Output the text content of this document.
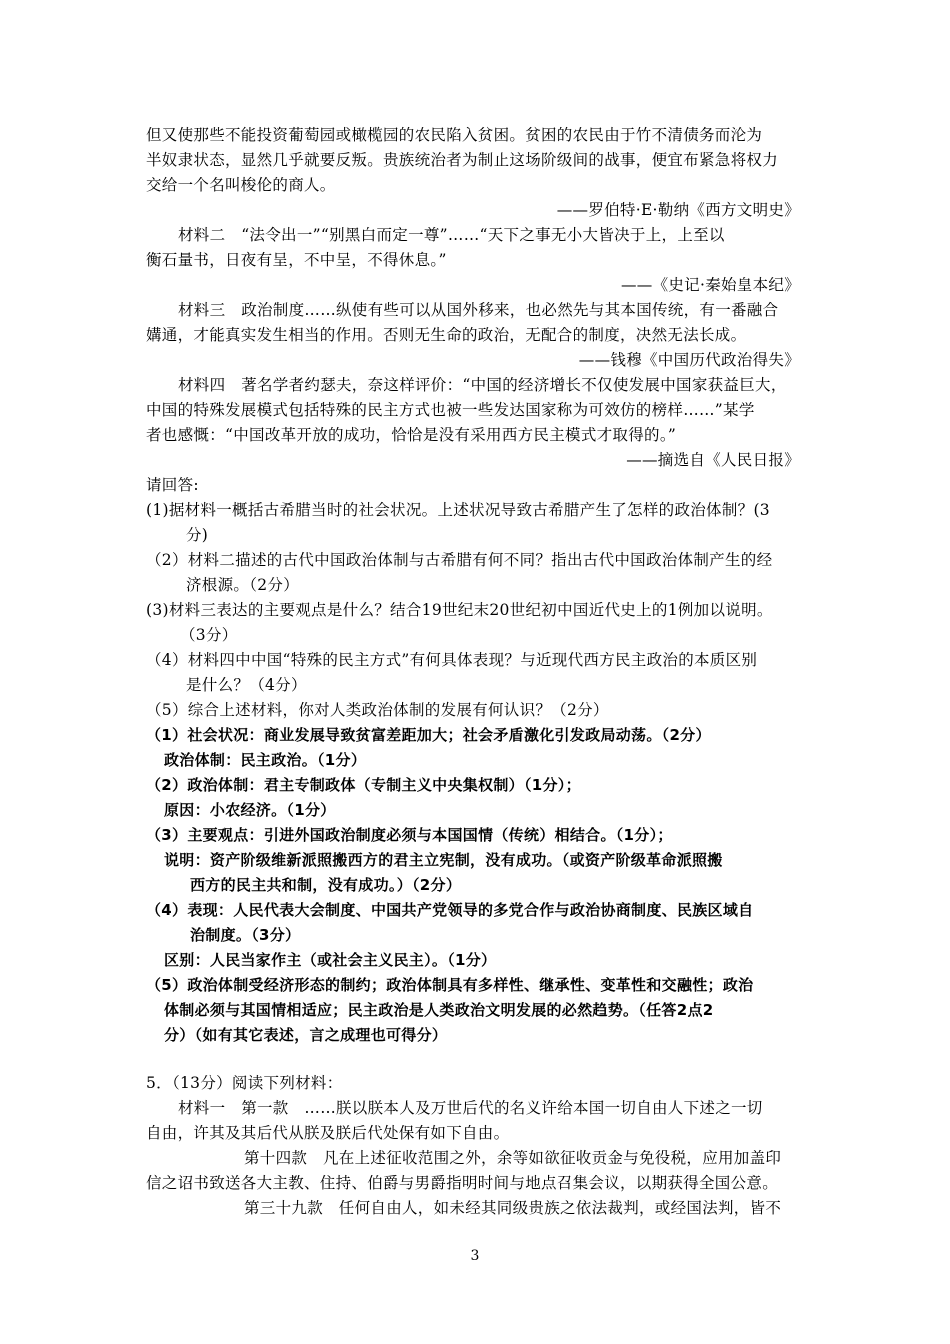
但又使那些不能投资葡萄园或橄榄园的农民陷入贫困。贫困的农民由于竹不清债务而沦为
半奴隶状态，显然几乎就要反叛。贵族统治者为制止这场阶级间的战事，便宜布紧急将权力
交给一个名叫梭伦的商人。
——罗伯特·E·勒纳《西方文明史》
材料二　“法令出一”“别黑白而定一尊”……“天下之事无小大皆决于上，上至以
衡石量书，日夜有呈，不中呈，不得休息。”
——《史记·秦始皇本纪》
材料三　政治制度……纵使有些可以从国外移来，也必然先与其本国传统，有一番融合
媾通，才能真实发生相当的作用。否则无生命的政治，无配合的制度，决然无法长成。
——钱穆《中国历代政治得失》
材料四　著名学者约瑟夫，奈这样评价：“中国的经济增长不仅使发展中国家获益巨大，
中国的特殊发展模式包括特殊的民主方式也被一些发达国家称为可效仿的榜样……”某学
者也感慨：“中国改革开放的成功，恰恰是没有采用西方民主模式才取得的。”
——摘选自《人民日报》
请回答:
(1)据材料一概括古希腊当时的社会状况。上述状况导致古希腊产生了怎样的政治体制？(3
分)
（2）材料二描述的古代中国政治体制与古希腊有何不同？指出古代中国政治体制产生的经
济根源。（2分）
(3)材料三表达的主要观点是什么？结合19世纪末20世纪初中国近代史上的1例加以说明。
（3分）
（4）材料四中中国“特殊的民主方式”有何具体表现？与近现代西方民主政治的本质区别
是什么？（4分）
（5）综合上述材料，你对人类政治体制的发展有何认识？（2分）
（1）社会状况：商业发展导致贫富差距加大；社会矛盾激化引发政局动荡。（2分）
政治体制：民主政治。（1分）
（2）政治体制：君主专制政体（专制主义中央集权制）（1分）；
原因：小农经济。（1分）
（3）主要观点：引进外国政治制度必须与本国国情（传统）相结合。（1分）；
说明：资产阶级维新派照搬西方的君主立宪制，没有成功。（或资产阶级革命派照搬
西方的民主共和制，没有成功。）（2分）
（4）表现：人民代表大会制度、中国共产党领导的多党合作与政治协商制度、民族区域自
治制度。（3分）
区别：人民当家作主（或社会主义民主）。（1分）
（5）政治体制受经济形态的制约；政治体制具有多样性、继承性、变革性和交融性；政治
体制必须与其国情相适应；民主政治是人类政治文明发展的必然趋势。（任答2点2
分）（如有其它表述，言之成理也可得分）
5．（13分）阅读下列材料：
材料一　第一款　……朕以朕本人及万世后代的名义许给本国一切自由人下述之一切
自由，许其及其后代从朕及朕后代处保有如下自由。
第十四款　凡在上述征收范围之外，余等如欲征收贡金与免役税，应用加盖印
信之诏书致送各大主教、住持、伯爵与男爵指明时间与地点召集会议，以期获得全国公意。
第三十九款　任何自由人，如未经其同级贵族之依法裁判，或经国法判，皆不
3
